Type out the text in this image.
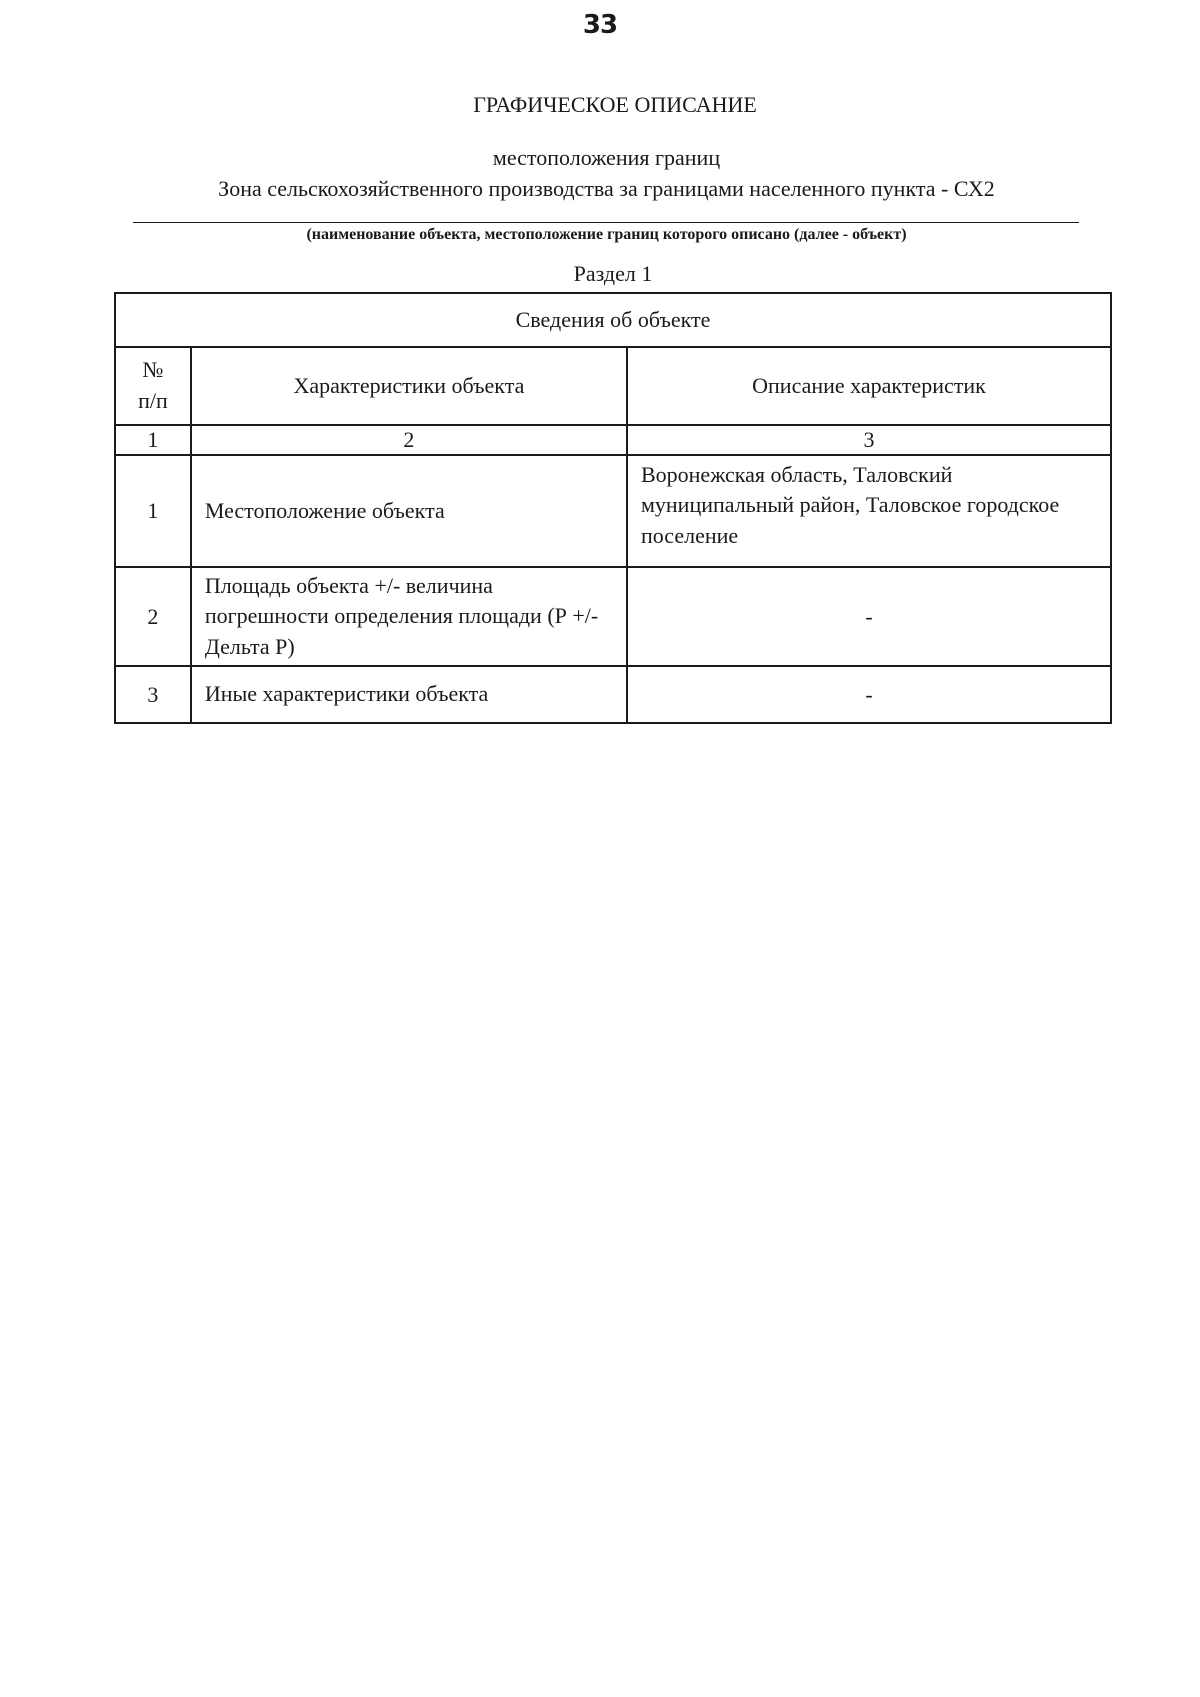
33
ГРАФИЧЕСКОЕ ОПИСАНИЕ
местоположения границ
Зона сельскохозяйственного производства за границами населенного пункта - СХ2
(наименование объекта, местоположение границ которого описано (далее - объект)
Раздел 1
Сведения об объекте		

№
п/п	Характеристики объекта	Описание характеристик
1	2	3
1	Местоположение объекта	Воронежская область, Таловский муниципальный район, Таловское городское поселение
2	Площадь объекта +/- величина погрешности определения площади (Р +/- Дельта Р)	-
3	Иные характеристики объекта	-
